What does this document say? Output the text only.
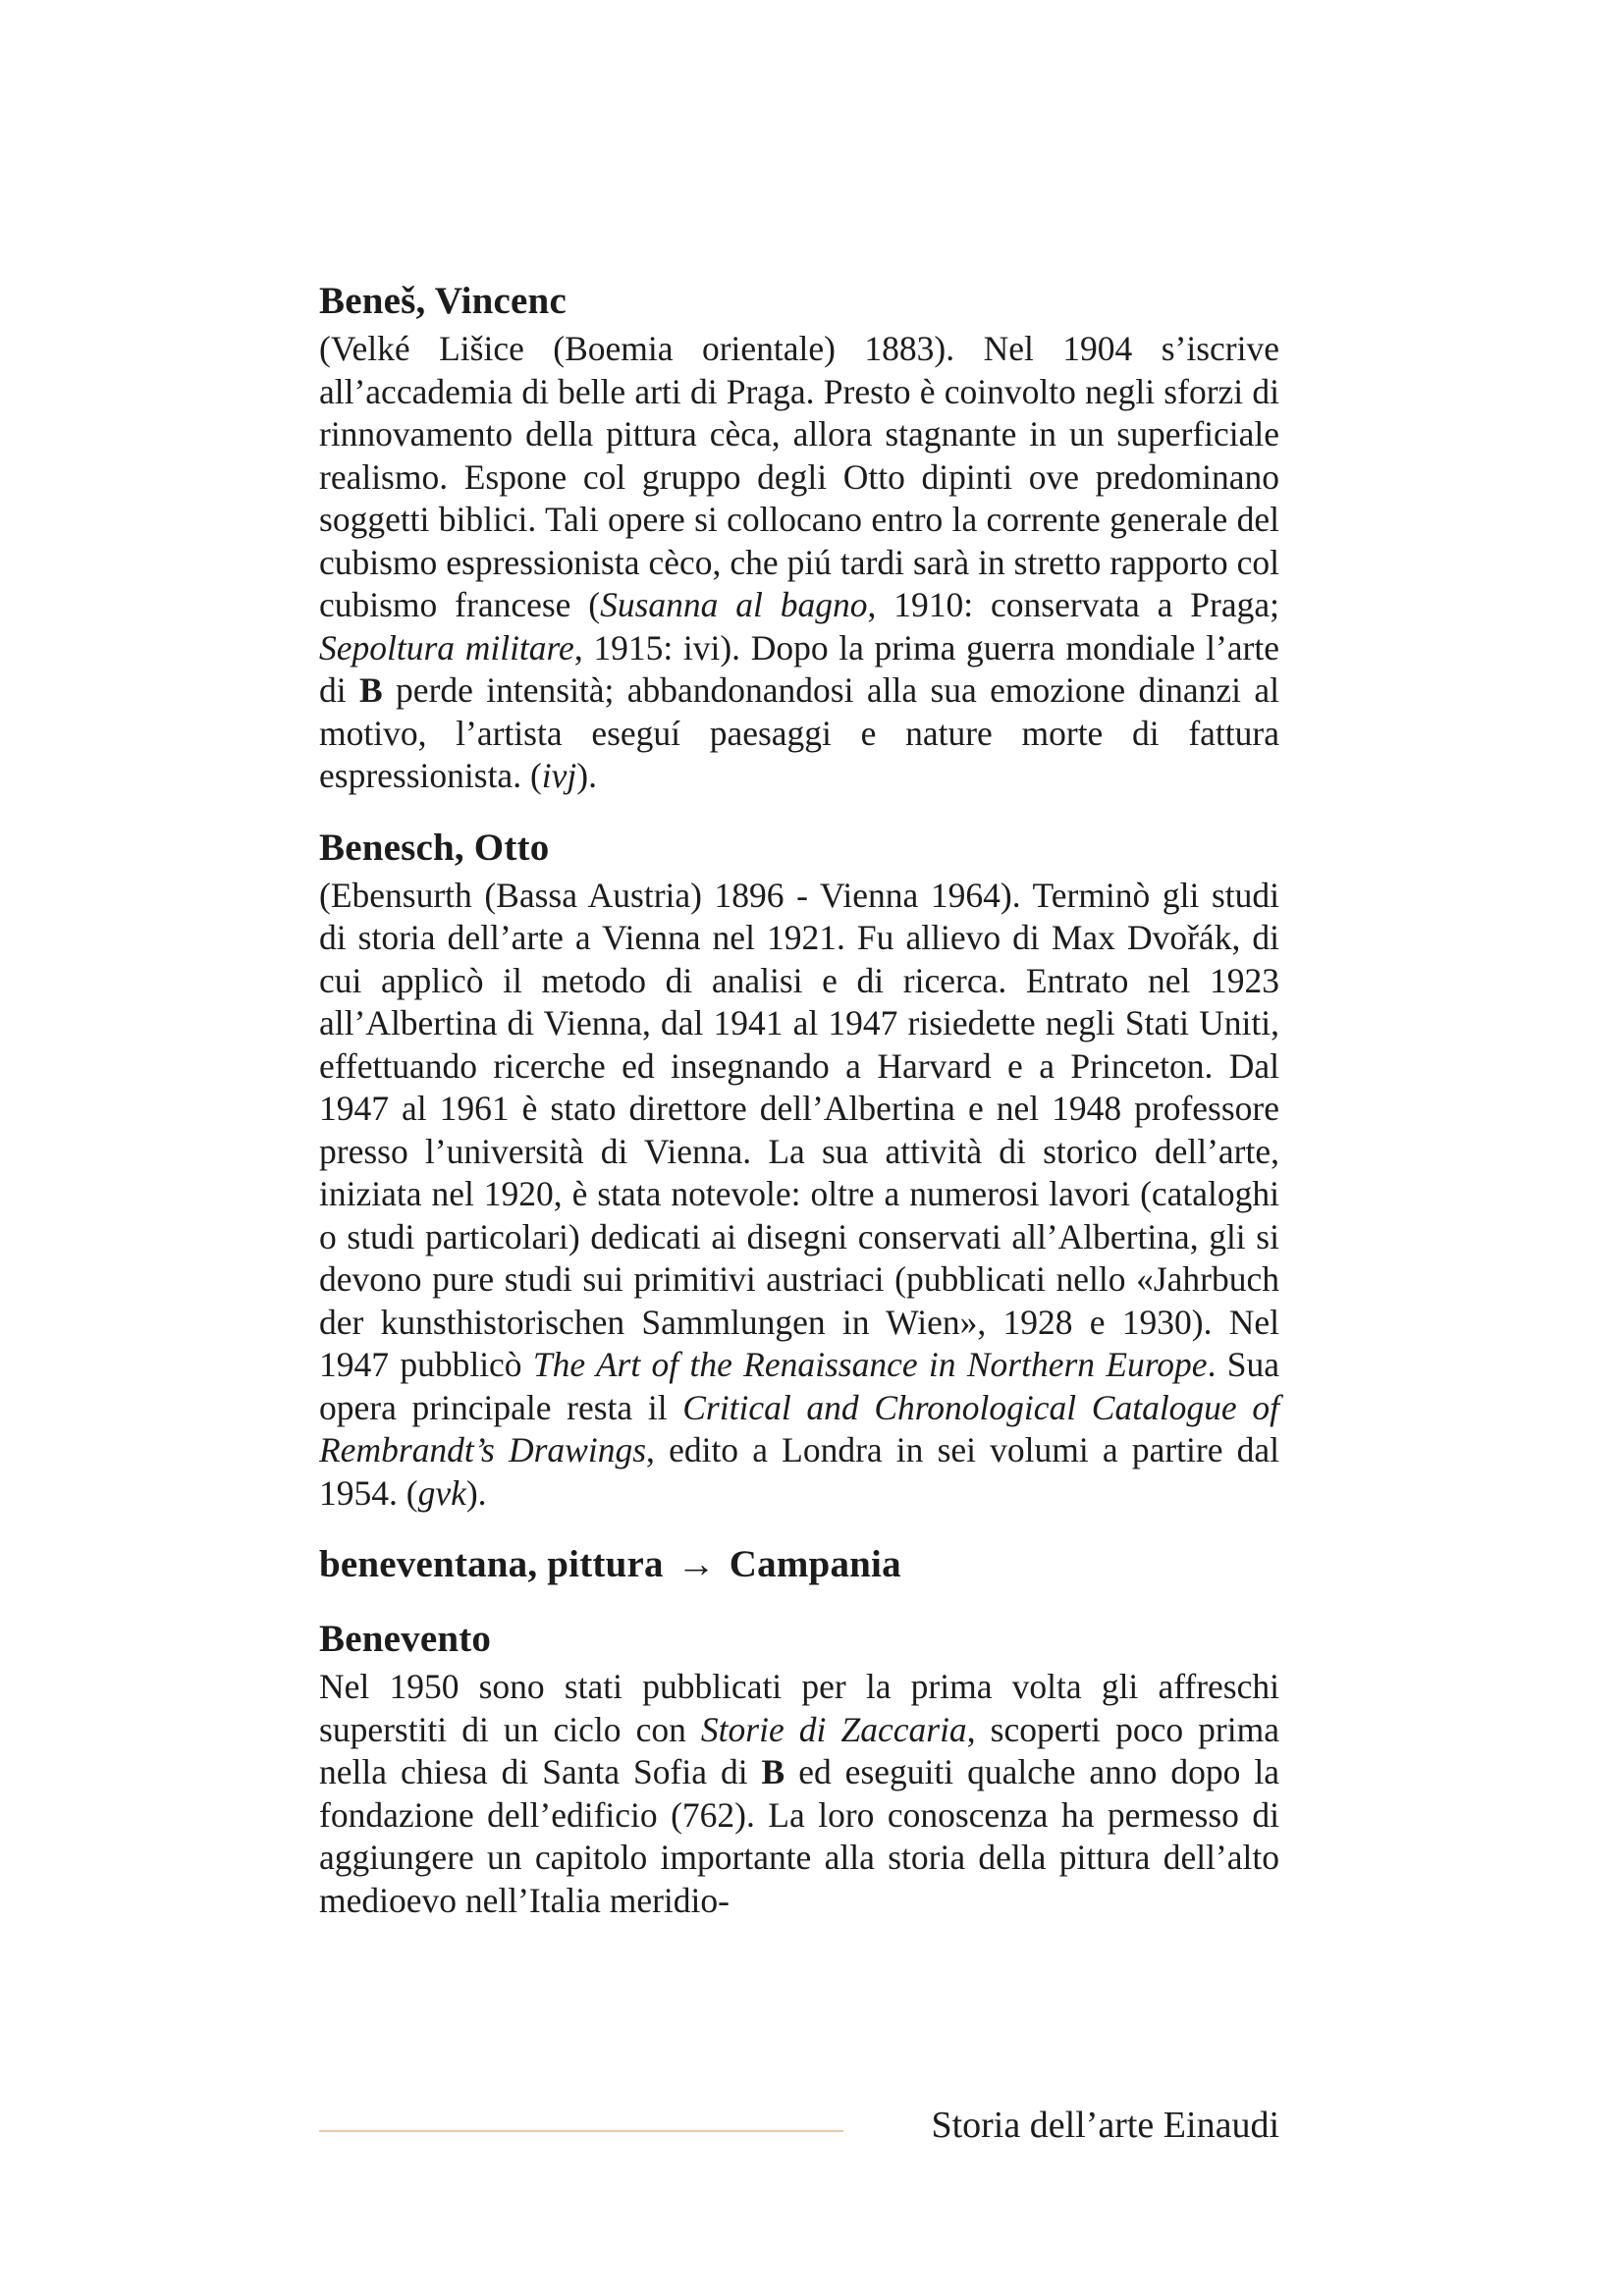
Beneš, Vincenc

(Velké Lišice (Boemia orientale) 1883). Nel 1904 s’iscrive all’accademia di belle arti di Praga. Presto è coinvolto negli sforzi di rinnovamento della pittura cèca, allora stagnante in un superficiale realismo. Espone col gruppo degli Otto dipinti ove predominano soggetti biblici. Tali opere si collocano entro la corrente generale del cubismo espressionista cèco, che piú tardi sarà in stretto rapporto col cubismo francese (Susanna al bagno, 1910: conservata a Praga; Sepoltura militare, 1915: ivi). Dopo la prima guerra mondiale l’arte di B perde intensità; abbandonandosi alla sua emozione dinanzi al motivo, l’artista eseguí paesaggi e nature morte di fattura espressionista. (ivj).

Benesch, Otto

(Ebensurth (Bassa Austria) 1896 - Vienna 1964). Terminò gli studi di storia dell’arte a Vienna nel 1921. Fu allievo di Max Dvořák, di cui applicò il metodo di analisi e di ricerca. Entrato nel 1923 all’Albertina di Vienna, dal 1941 al 1947 risiedette negli Stati Uniti, effettuando ricerche ed insegnando a Harvard e a Princeton. Dal 1947 al 1961 è stato direttore dell’Albertina e nel 1948 professore presso l’università di Vienna. La sua attività di storico dell’arte, iniziata nel 1920, è stata notevole: oltre a numerosi lavori (cataloghi o studi particolari) dedicati ai disegni conservati all’Albertina, gli si devono pure studi sui primitivi austriaci (pubblicati nello «Jahrbuch der kunsthistorischen Sammlungen in Wien», 1928 e 1930). Nel 1947 pubblicò The Art of the Renaissance in Northern Europe. Sua opera principale resta il Critical and Chronological Catalogue of Rembrandt’s Drawings, edito a Londra in sei volumi a partire dal 1954. (gvk).

beneventana, pittura → Campania
Benevento

Nel 1950 sono stati pubblicati per la prima volta gli affreschi superstiti di un ciclo con Storie di Zaccaria, scoperti poco prima nella chiesa di Santa Sofia di B ed eseguiti qualche anno dopo la fondazione dell’edificio (762). La loro conoscenza ha permesso di aggiungere un capitolo importante alla storia della pittura dell’alto medioevo nell’Italia meridio-

Storia dell’arte Einaudi
